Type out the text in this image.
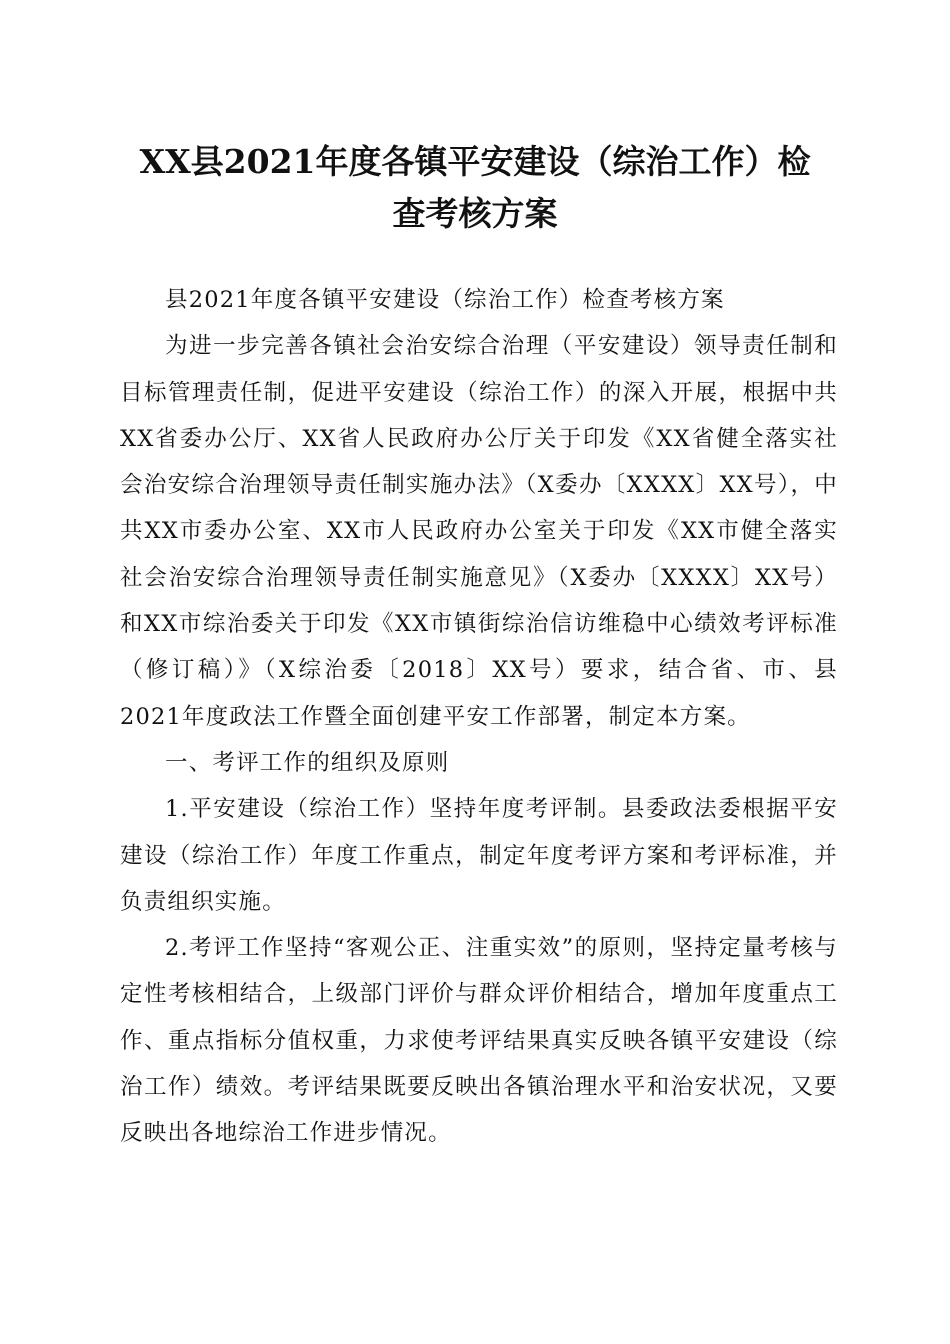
XX县2021年度各镇平安建设（综治工作）检
查考核方案

县2021年度各镇平安建设（综治工作）检查考核方案

为进一步完善各镇社会治安综合治理（平安建设）领导责任制和目标管理责任制，促进平安建设（综治工作）的深入开展，根据中共XX省委办公厅、XX省人民政府办公厅关于印发《XX省健全落实社会治安综合治理领导责任制实施办法》（X委办〔XXXX〕XX号），中共XX市委办公室、XX市人民政府办公室关于印发《XX市健全落实社会治安综合治理领导责任制实施意见》（X委办〔XXXX〕XX号）和XX市综治委关于印发《XX市镇街综治信访维稳中心绩效考评标准（修订稿）》（X综治委〔2018〕XX号）要求，结合省、市、县2021年度政法工作暨全面创建平安工作部署，制定本方案。

一、考评工作的组织及原则

1.平安建设（综治工作）坚持年度考评制。县委政法委根据平安建设（综治工作）年度工作重点，制定年度考评方案和考评标准，并负责组织实施。

2.考评工作坚持“客观公正、注重实效”的原则，坚持定量考核与定性考核相结合，上级部门评价与群众评价相结合，增加年度重点工作、重点指标分值权重，力求使考评结果真实反映各镇平安建设（综治工作）绩效。考评结果既要反映出各镇治理水平和治安状况，又要反映出各地综治工作进步情况。
